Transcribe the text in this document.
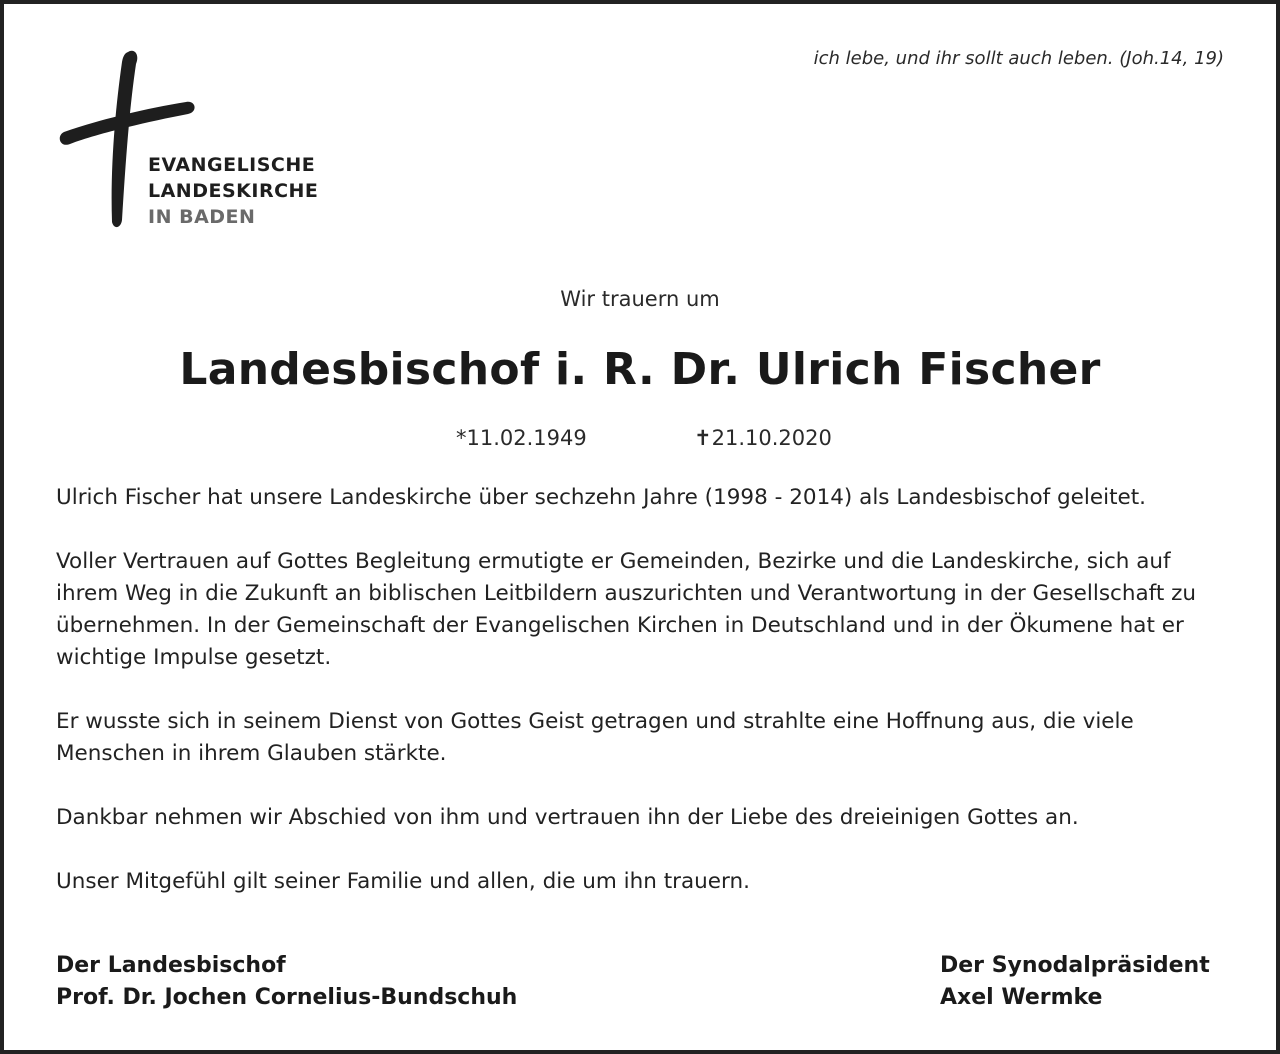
EVANGELISCHE
LANDESKIRCHE
IN BADEN
ich lebe, und ihr sollt auch leben. (Joh.14, 19)
Wir trauern um
Landesbischof i. R. Dr. Ulrich Fischer
*11.02.1949	✝21.10.2020

Ulrich Fischer hat unsere Landeskirche über sechzehn Jahre (1998 - 2014) als Landesbischof geleitet.

Voller Vertrauen auf Gottes Begleitung ermutigte er Gemeinden, Bezirke und die Landeskirche, sich auf ihrem Weg in die Zukunft an biblischen Leitbildern auszurichten und Verantwortung in der Gesellschaft zu übernehmen. In der Gemeinschaft der Evangelischen Kirchen in Deutschland und in der Ökumene hat er wichtige Impulse gesetzt.

Er wusste sich in seinem Dienst von Gottes Geist getragen und strahlte eine Hoffnung aus, die viele Menschen in ihrem Glauben stärkte.

Dankbar nehmen wir Abschied von ihm und vertrauen ihn der Liebe des dreieinigen Gottes an.

Unser Mitgefühl gilt seiner Familie und allen, die um ihn trauern.

Der Landesbischof
Prof. Dr. Jochen Cornelius-Bundschuh
Der Synodalpräsident
Axel Wermke
